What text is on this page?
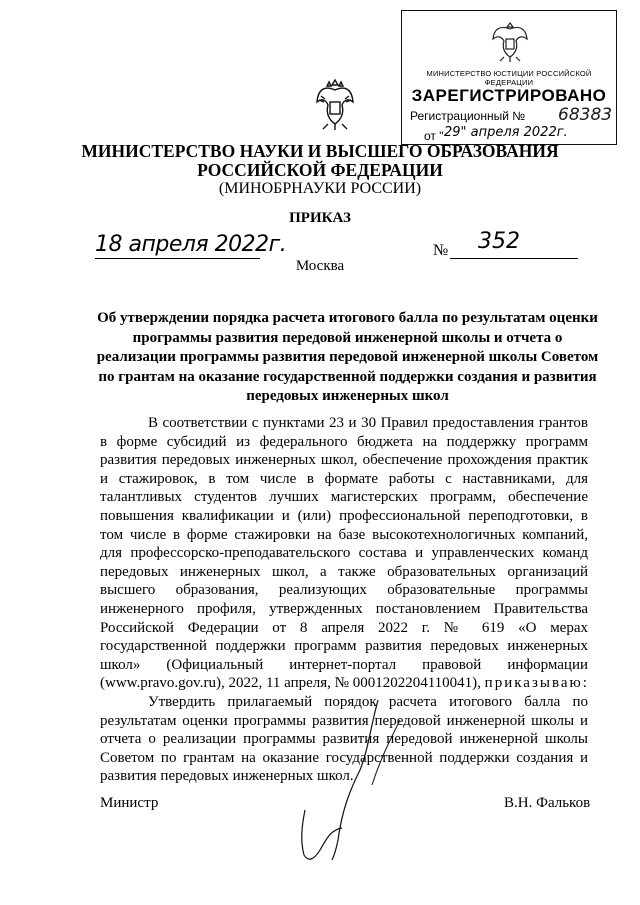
МИНИСТЕРСТВО ЮСТИЦИИ РОССИЙСКОЙ ФЕДЕРАЦИИ
ЗАРЕГИСТРИРОВАНО
Регистрационный № 68383
от " 29" апреля 2022г.
МИНИСТЕРСТВО НАУКИ И ВЫСШЕГО ОБРАЗОВАНИЯ
РОССИЙСКОЙ ФЕДЕРАЦИИ
(МИНОБРНАУКИ РОССИИ)
ПРИКАЗ
18 апреля 2022г.	№ 352
Москва
Об утверждении порядка расчета итогового балла по результатам оценки программы развития передовой инженерной школы и отчета о реализации программы развития передовой инженерной школы Советом по грантам на оказание государственной поддержки создания и развития передовых инженерных школ

В соответствии с пунктами 23 и 30 Правил предоставления грантов в форме субсидий из федерального бюджета на поддержку программ развития передовых инженерных школ, обеспечение прохождения практик и стажировок, в том числе в формате работы с наставниками, для талантливых студентов лучших магистерских программ, обеспечение повышения квалификации и (или) профессиональной переподготовки, в том числе в форме стажировки на базе высокотехнологичных компаний, для профессорско-преподавательского состава и управленческих команд передовых инженерных школ, а также образовательных организаций высшего образования, реализующих образовательные программы инженерного профиля, утвержденных постановлением Правительства Российской Федерации от 8 апреля 2022 г. № 619 «О мерах государственной поддержки программ развития передовых инженерных школ» (Официальный интернет-портал правовой информации (www.pravo.gov.ru), 2022, 11 апреля, № 0001202204110041), приказываю:

Утвердить прилагаемый порядок расчета итогового балла по результатам оценки программы развития передовой инженерной школы и отчета о реализации программы развития передовой инженерной школы Советом по грантам на оказание государственной поддержки создания и развития передовых инженерных школ.

Министр	В.Н. Фальков
